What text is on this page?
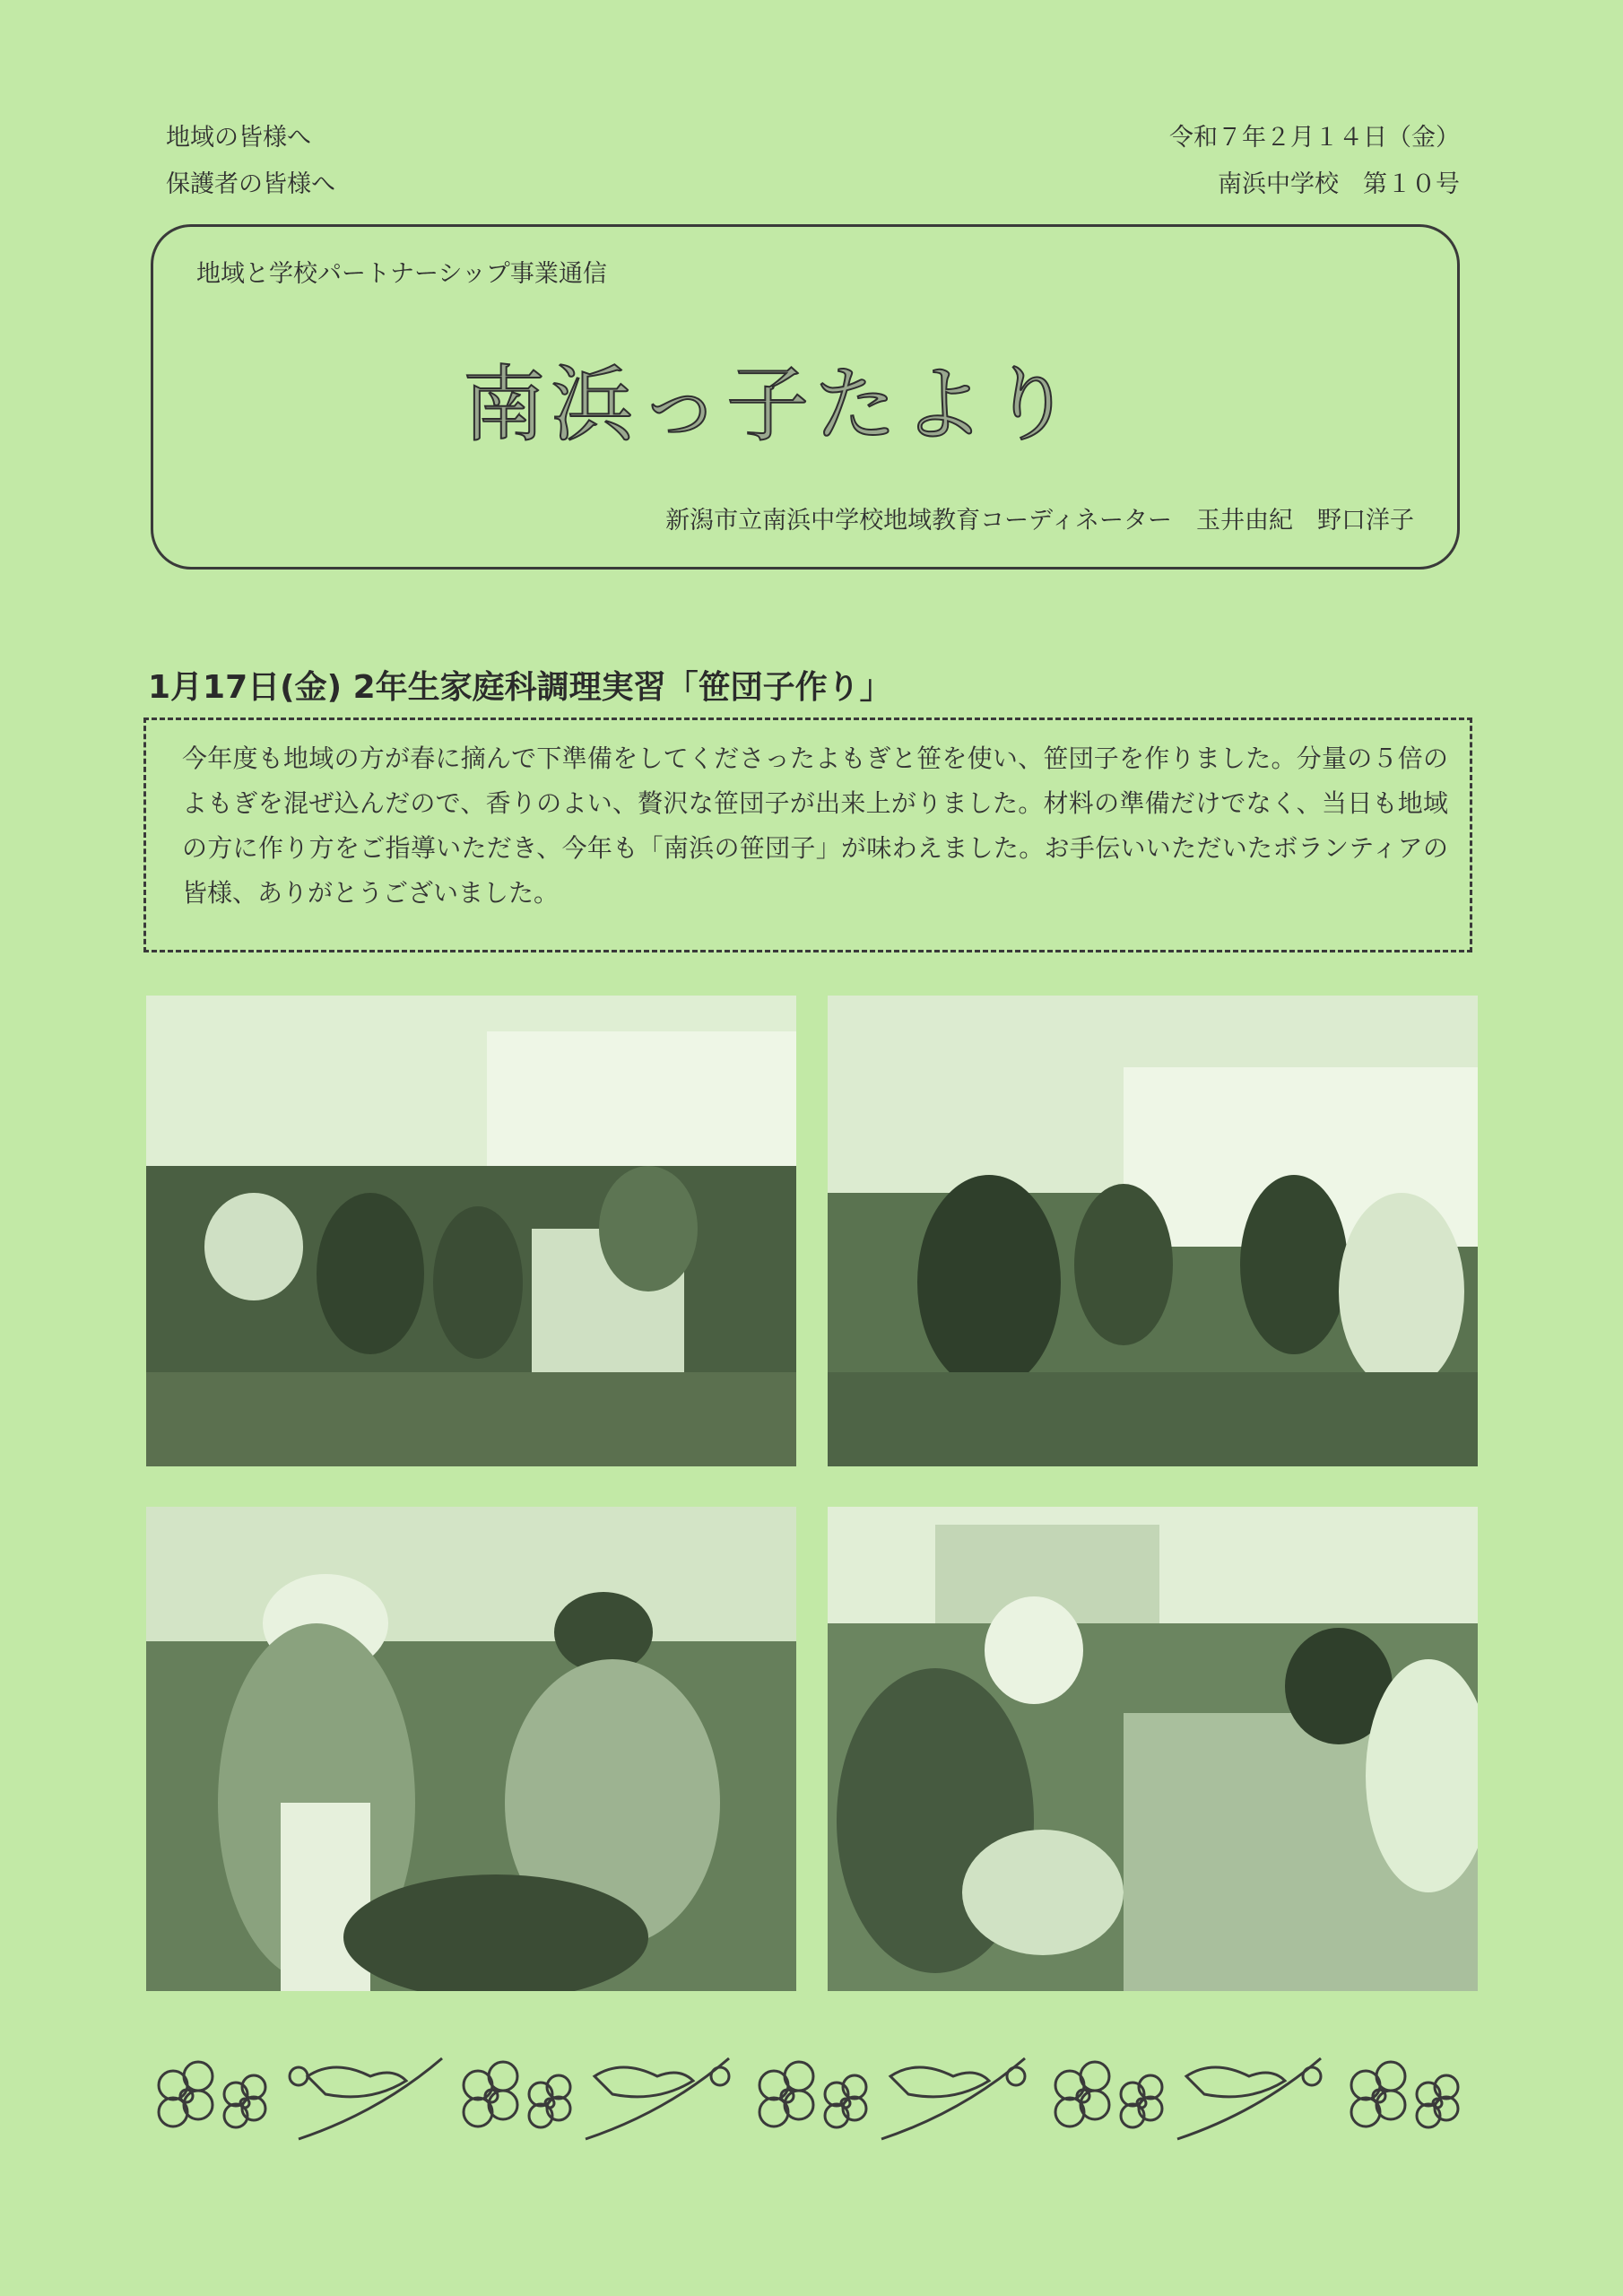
地域の皆様へ
保護者の皆様へ
令和７年２月１４日（金）
南浜中学校　第１０号
地域と学校パートナーシップ事業通信
南浜っ子たより
新潟市立南浜中学校地域教育コーディネーター　玉井由紀　野口洋子
1月17日(金) 2年生家庭科調理実習「笹団子作り」
今年度も地域の方が春に摘んで下準備をしてくださったよもぎと笹を使い、笹団子を作りました。分量の５倍のよもぎを混ぜ込んだので、香りのよい、贅沢な笹団子が出来上がりました。材料の準備だけでなく、当日も地域の方に作り方をご指導いただき、今年も「南浜の笹団子」が味わえました。お手伝いいただいたボランティアの皆様、ありがとうございました。
